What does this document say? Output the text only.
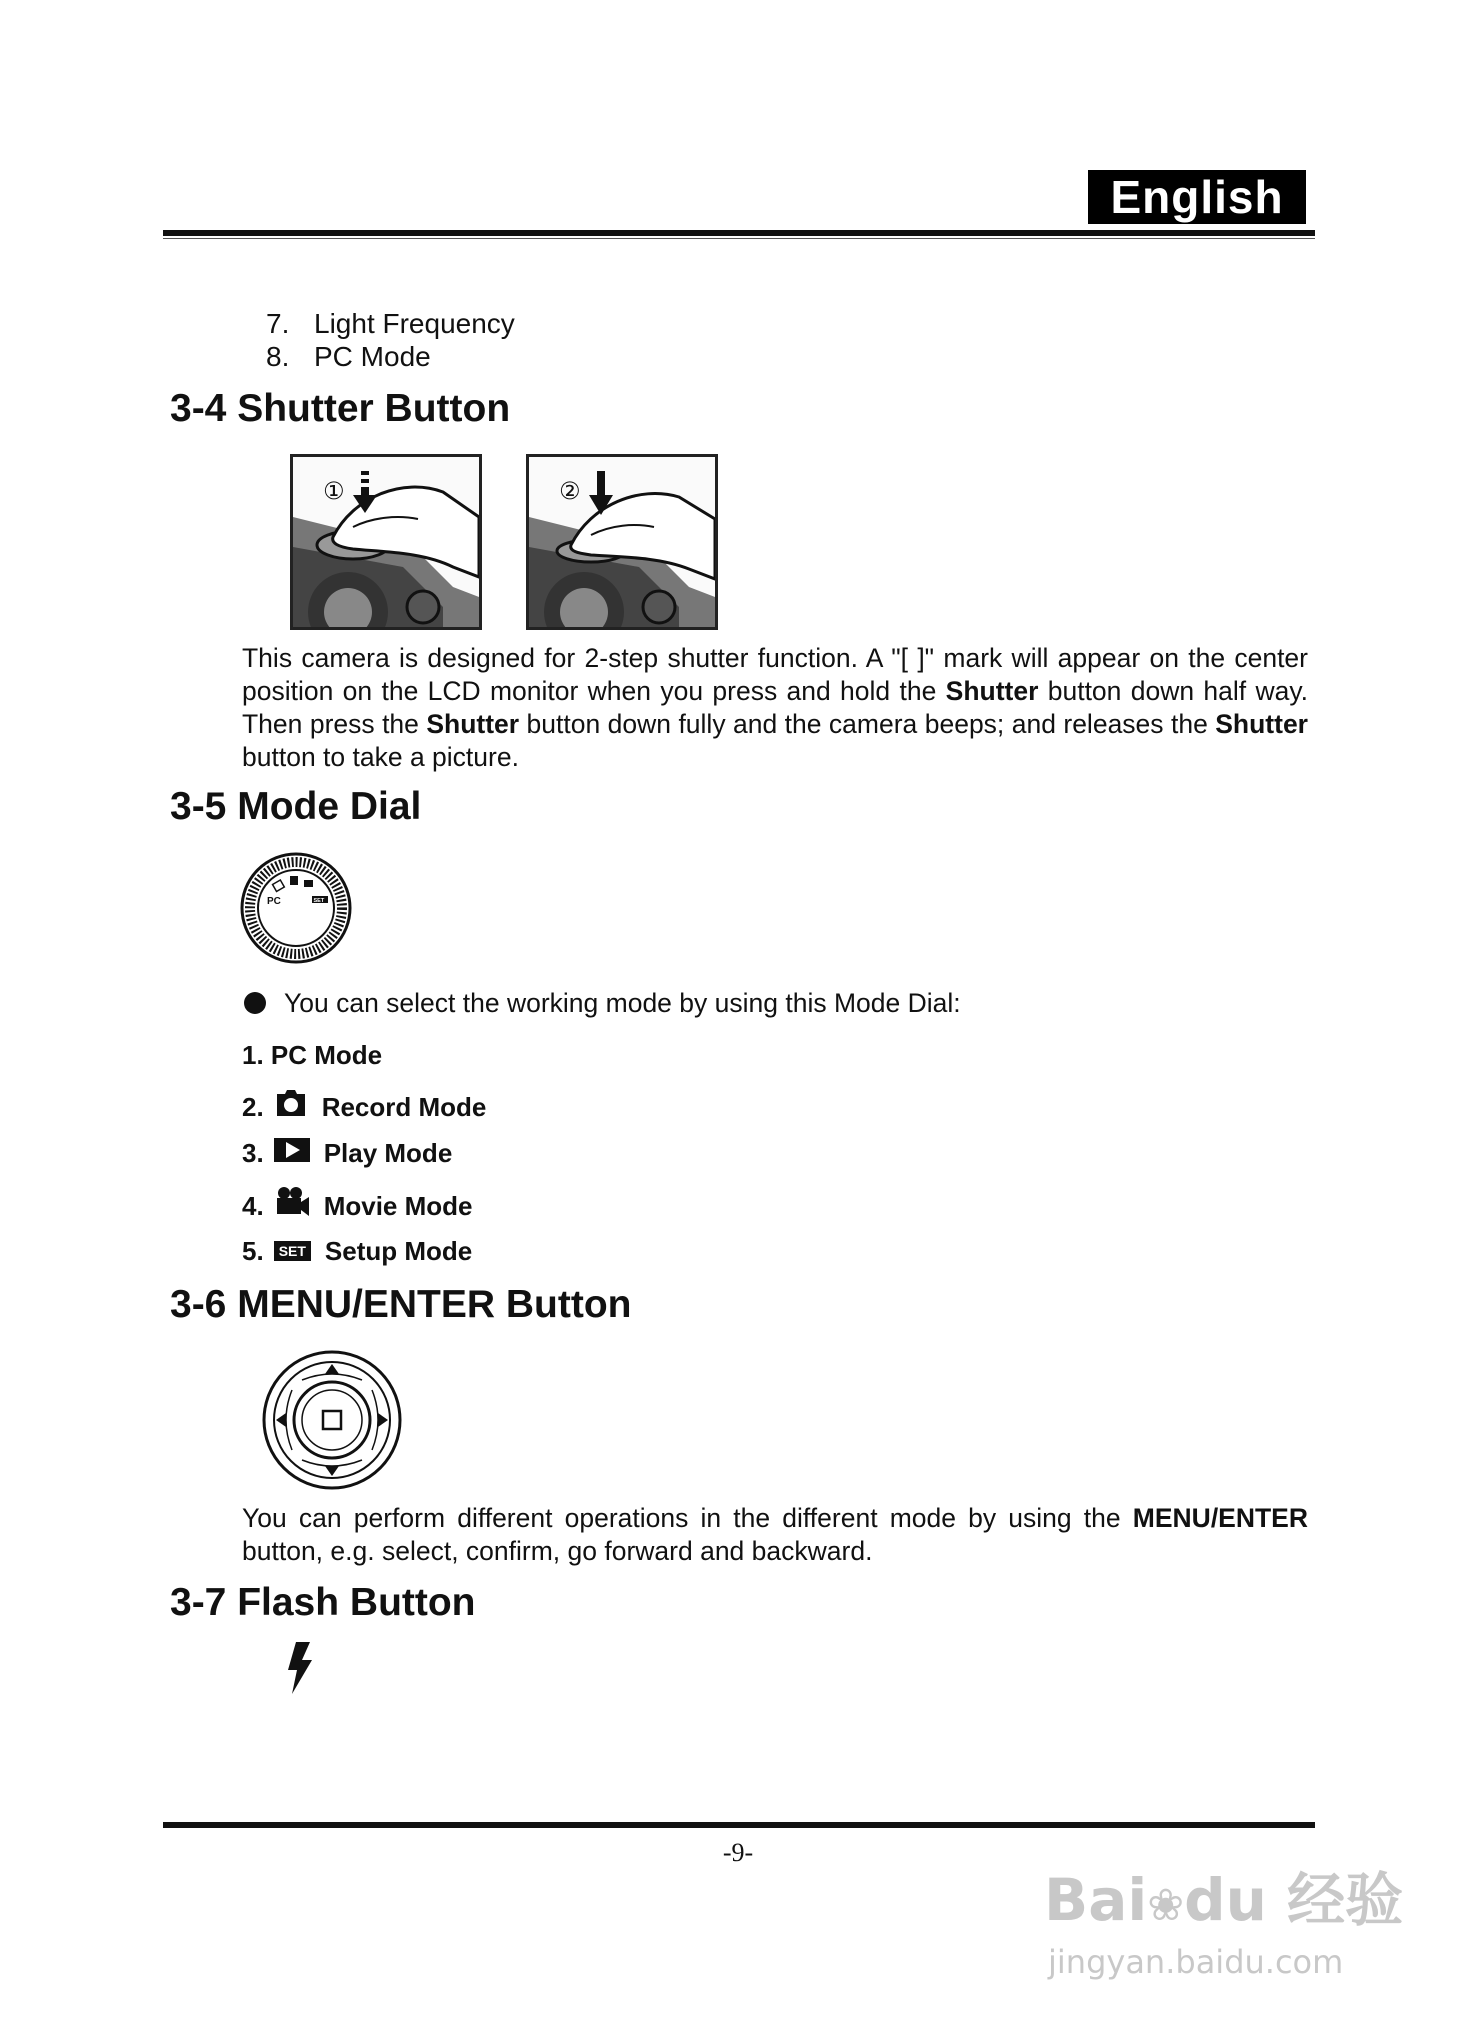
English
7. Light Frequency
8. PC Mode
3-4 Shutter Button
①	②
This camera is designed for 2-step shutter function. A "[ ]" mark will appear on the center position on the LCD monitor when you press and hold the Shutter button down half way. Then press the Shutter button down fully and the camera beeps; and releases the Shutter button to take a picture.
3-5 Mode Dial
PC	SET
You can select the working mode by using this Mode Dial:
1.
PC Mode
2. Record Mode
3. Play Mode
4. Movie Mode
5.	SET Setup Mode
3-6 MENU/ENTER Button
You can perform different operations in the different mode by using the MENU/ENTER button, e.g. select, confirm, go forward and backward.
3-7 Flash Button
-9-
Bai❀du 经验
jingyan.baidu.com
